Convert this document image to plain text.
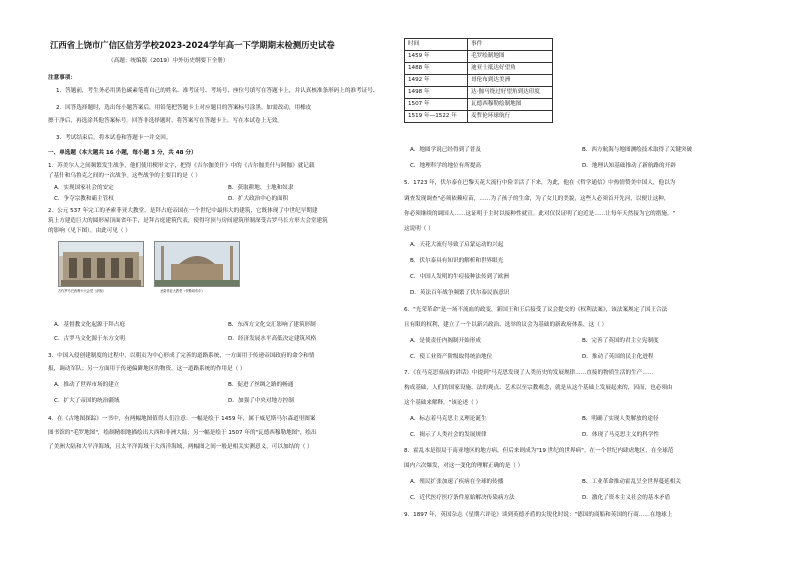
江西省上饶市广信区信芳学校2023-2024学年高一下学期期末检测历史试卷
（高题：统编版（2019）中外历史纲要下全册）
注意事项：
1．答题前，考生务必用黑色碳素笔将自己的姓名、准考证号、考场号、座位号填写在答题卡上，并认真核准条形码上的准考证号、
2．回答选择题时，选出每小题答案后，用铅笔把答题卡上对应题目的答案标号涂黑。如需改动，用橡皮
擦干净后，再选涂其他答案标号。回答非选择题时，将答案写在答题卡上。写在本试卷上无效。
3．考试结束后，将本试卷和答题卡一并交回。
一、单选题（本大题共 16 小题，每小题 3 分，共 48 分）
1．苏美尔人之间频繁发生战争，他们使用楔形文字，把得《吉尔伽美什》中的《吉尔伽美什与阿伽》就记载
了基什和乌鲁克之间的一次战争。这些战争的主要目的是（ ）
A．实现国家社会的安定	B．获取耕地、土地和奴隶
C．争夺宗教和霸主管权	D．扩大政治中心的面积
2．公元 537 年完工的圣索菲亚大教堂，是拜占庭帝国在一个世纪中最伟大的建筑，它既体现了中世纪早期建
筑上方建造巨大的圆形屋顶面省年手，是拜占庭建筑代表，使得穹顶与房间建筑形制深受古罗马长方形大会堂建筑
的影响（见下图），由此可见（ ）
古代罗马巴西利卡大会堂（剖视）	圣索菲亚大教堂（伊斯坦布尔）
A．基督教文化起源于拜占庭	B．东西方文化交汇影响了建筑形制
C．古罗马文化源于东方文明	D．经济发展水平高低决定建筑风格
3．中国入侵创建制度的过程中，以朝贡为中心形成了完善的道路系统，一方面用于传递帝国政府的命令和情
报，调动军队；另一方面用于传递偏僻地区的物资。这一道路系统的作用是（ ）
A．推动了世界市场的建立	B．促进了丝绸之路的畅通
C．扩大了帝国的统治疆域	D．加强了中央对地方控制
4．在《古地图探踪》一书中，有两幅地图值得人们注意：一幅是绘于 1459 年，属于威尼斯马尔森道里图案
图书馆的"毛罗地图"，绘制精细地描绘出大西和非洲大陆；另一幅是绘于 1507 年的"瓦德西穆勒地图"，绘出
了美洲大陆和大平洋海域，且太平洋海域于大西洋海域，两幅图之间一般是相关实测意义，可以加结的（ ）
时间	事件
1459 年	毛罗绘制地图
1488 年	迪亚士抵达好望角
1492 年	哥伦布到达美洲
1498 年	达·伽马绕过好望角到达印度
1507 年	瓦德西穆勒绘制地图
1519 年—1522 年	麦哲伦环球航行
A．地圆学说已经得到了普及	B．西方航海与地图测绘技术取得了关键突破
C．地理科学的地位有所提高	D．地理认知基础推动了新航路的开辟
5．1723 年，伏尔泰在巴黎天花大流行中险幸活了下来，为此，他在《哲学通信》中热情赞美中国人，他以为
调查发现调查"必须依赖痘苗，……为了孩子的生命，为了女儿的美貌，这些人必须首开先河，以便让这种，
你必须继续的调国人……这证明于主时以接种性就宣。此对仅仅证明了迫近是……让每年天然接为它的措施。"
这说明（ ）
A．天花大流行导致了启蒙运动的兴起
B．伏尔泰具有知识的解析和世界眼光
C．中国人发明的牛痘接种法传到了欧洲
D．英法百年战争频繁了伏尔泰民族意识
6．"光荣革命"是一场不流血的政变，新国王和王后接受了议会提交的《权利法案》，该法案规定了国王合法
且有限的权利，建立了一个以新兴政治、选举的议会为基础的新政府体系，这（ ）
A．是使责任内阁制开始形成	B．完善了英国的君主立宪制度
C．使工业资产阶级取得统治地位	D．推动了英国的民主化进程
7．《在马克思墓前的讲话》中提到"马克思发现了人类历史的发展规律……直接的物质生活的生产……
构成基础，人们的国家设施、法的观点、艺术以至宗教观念，就是从这个基础上发展起来的，因而，也必须由
这个基础来解释。"该论述（ ）
A．标志着马克思主义理论诞生	B．明确了实现人类解放的途径
C．揭示了人类社会的发展规律	D．体现了马克思主义的科学性
8．霍乱本是很局于南亚地区的地方病，但后来则成为"19 世纪的世界病"。在一个世纪内肆虐地区，在全球范
围内六次爆发，对这一变化的理解正确的是（ ）
A．殖民扩张加速了疾病在全球的传播	B．工业革命推动霍乱呈全世界蔓延相关
C．近代医疗医疗条件原始解决传染病方法	D．激化了资本主义社会的基本矛盾
9．1897 年，英国杂志《星期六评论》谈到英德矛盾的尖锐化时说："德国的商船和英国的行商……在地球上
